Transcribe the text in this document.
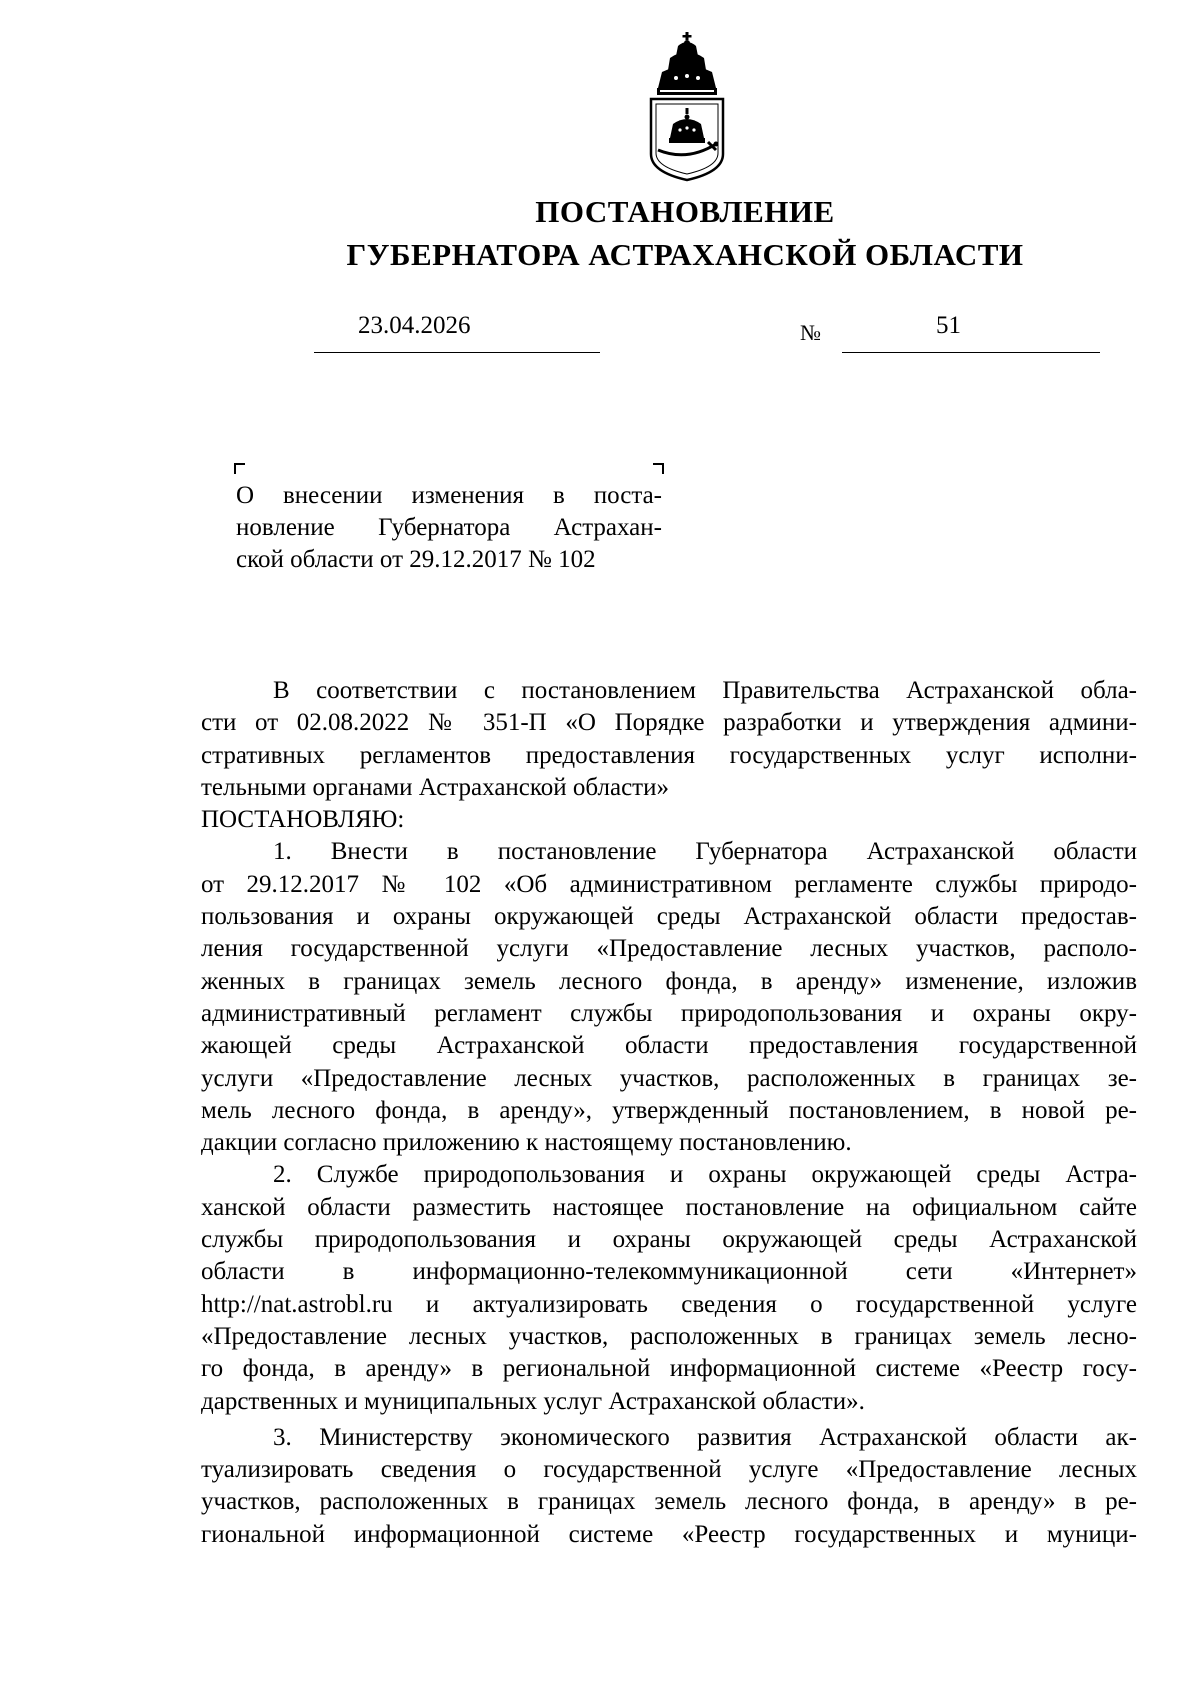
ПОСТАНОВЛЕНИЕ
ГУБЕРНАТОРА АСТРАХАНСКОЙ ОБЛАСТИ
23.04.2026	№	51
О внесении изменения в поста-
новление Губернатора Астрахан-
ской области от 29.12.2017 № 102
В соответствии с постановлением Правительства Астраханской обла-
сти от 02.08.2022 № 351-П «О Порядке разработки и утверждения админи-
стративных регламентов предоставления государственных услуг исполни-
тельными органами Астраханской области»
ПОСТАНОВЛЯЮ:
1. Внести в постановление Губернатора Астраханской области
от 29.12.2017 № 102 «Об административном регламенте службы природо-
пользования и охраны окружающей среды Астраханской области предостав-
ления государственной услуги «Предоставление лесных участков, располо-
женных в границах земель лесного фонда, в аренду» изменение, изложив
административный регламент службы природопользования и охраны окру-
жающей среды Астраханской области предоставления государственной
услуги «Предоставление лесных участков, расположенных в границах зе-
мель лесного фонда, в аренду», утвержденный постановлением, в новой ре-
дакции согласно приложению к настоящему постановлению.
2. Службе природопользования и охраны окружающей среды Астра-
ханской области разместить настоящее постановление на официальном сайте
службы природопользования и охраны окружающей среды Астраханской
области в информационно-телекоммуникационной сети «Интернет»
http://nat.astrobl.ru и актуализировать сведения о государственной услуге
«Предоставление лесных участков, расположенных в границах земель лесно-
го фонда, в аренду» в региональной информационной системе «Реестр госу-
дарственных и муниципальных услуг Астраханской области».
3. Министерству экономического развития Астраханской области ак-
туализировать сведения о государственной услуге «Предоставление лесных
участков, расположенных в границах земель лесного фонда, в аренду» в ре-
гиональной информационной системе «Реестр государственных и муници-
